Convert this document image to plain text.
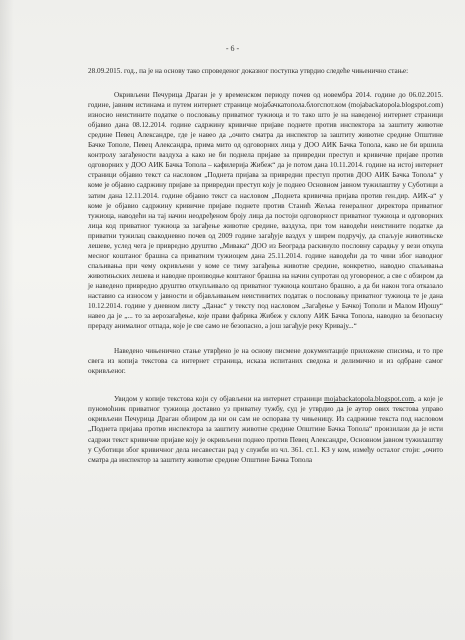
- 6 -

28.09.2015. год., па је на основу тако спроведеног доказног поступка утврдио следеће чињенично стање:

Окривљени Печурица Драган је у временском периоду почев од новембра 2014. године до 06.02.2015. године, јавним истинама и путем интернет странице мојабачкатопола.блогспот.ком (mojabackatopola.blogspot.com) износио неистините податке о пословању приватног тужиоца и то тако што је на наведеној интернет страници објавио дана 08.12.2014. године садржину кривичне пријаве поднете против инспектора за заштиту животне средине Певец Александре, где је навео да „очито сматра да инспектор за заштиту животне средине Општине Бачке Тополе, Певец Александра, прима мито од одговорних лица у ДОО АИК Бачка Топола, како не би вршила контролу загађености ваздуха а како не би поднела пријаве за привредни преступ и кривичне пријаве против одговорних у ДОО АИК Бачка Топола – кафилерија Жибеж“ да је потом дана 10.11.2014. године на истој интернет страници објавио текст са насловом „Поднета пријава за привредни преступ против ДОО АИК Бачка Топола“ у коме је објавио садржину пријаве за привредни преступ коју је поднео Основном јавном тужилаштву у Суботици а затим дана 12.11.2014. године објавио текст са насловом „Поднета кривична пријава против ген.дир. АИК-а“ у коме је објавио садржину кривичне пријаве поднете против Станић Жељка генералног директора приватног тужиоца, наводећи на тај начин неодређеном броју лица да постоји одговорност приватног тужиоца и одговорних лица код приватног тужиоца за загађење животне средине, ваздуха, при том наводећи неистините податке да приватни тужилац свакодневно почев од 2009 године загађује ваздух у ширем подручју, да спаљује животињске лешеве, услед чега је привредно друштво „Мивака“ ДОО из Београда раскинуло пословну сарадњу у вези откупа месног коштаног брашна са приватним тужиоцем дана 25.11.2014. године наводећи да то чини због наводног спаљивања при чему окривљени у коме се тиму загађења животне средине, конкретно, наводно спаљивања животињских лешева и наводне производње коштаног брашна на начин супротан од уговореног, а све с обзиром да је наведено привредно друштво откупљивало од приватног тужиоца коштано брашно, а да би након тога отказало наставио са износом у јавности и објављивањем неистинитих податак о пословању приватног тужиоца те је дана 10.12.2014. године у дневном листу „Данас“ у тексту под насловом „Загађење у Бачкој Тополи и Малом Иђошу“ навео да је „... то за аерозагађење, које прави фабрика Жибеж у склопу АИК Бачка Топола, наводно за безопасну прераду анималног отпада, које је све само не безопасно, а још загађује реку Кривају...“

Наведено чињенично стање утврђено је на основу писмене документације приложене списима, и то пре свега из копија текстова са интернет страница, исказа испитаних сведока и делимично и из одбране самог окривљеног.

Увидом у копије текстова који су објављени на интернет страници mojabackatopola.blogspot.com, а које је пуномоћник приватног тужиоца доставио уз приватну тужбу, суд је утврдио да је аутор ових текстова управо окривљени Печурица Драган обзиром да ни он сам не оспорава ту чињеницу. Из садржине текста под насловом „Поднета пријава против инспектора за заштиту животне средине Општине Бачка Топола“ произилази да је исти садржи текст кривичне пријаве коју је окривљени поднео против Певец Александре, Основном јавном тужилаштву у Суботици због кривичног дела несавестан рад у служби из чл. 361. ст.1. КЗ у ком, између осталог стоји: „очито сматра да инспектор за заштиту животне средине Општине Бачка Топола
